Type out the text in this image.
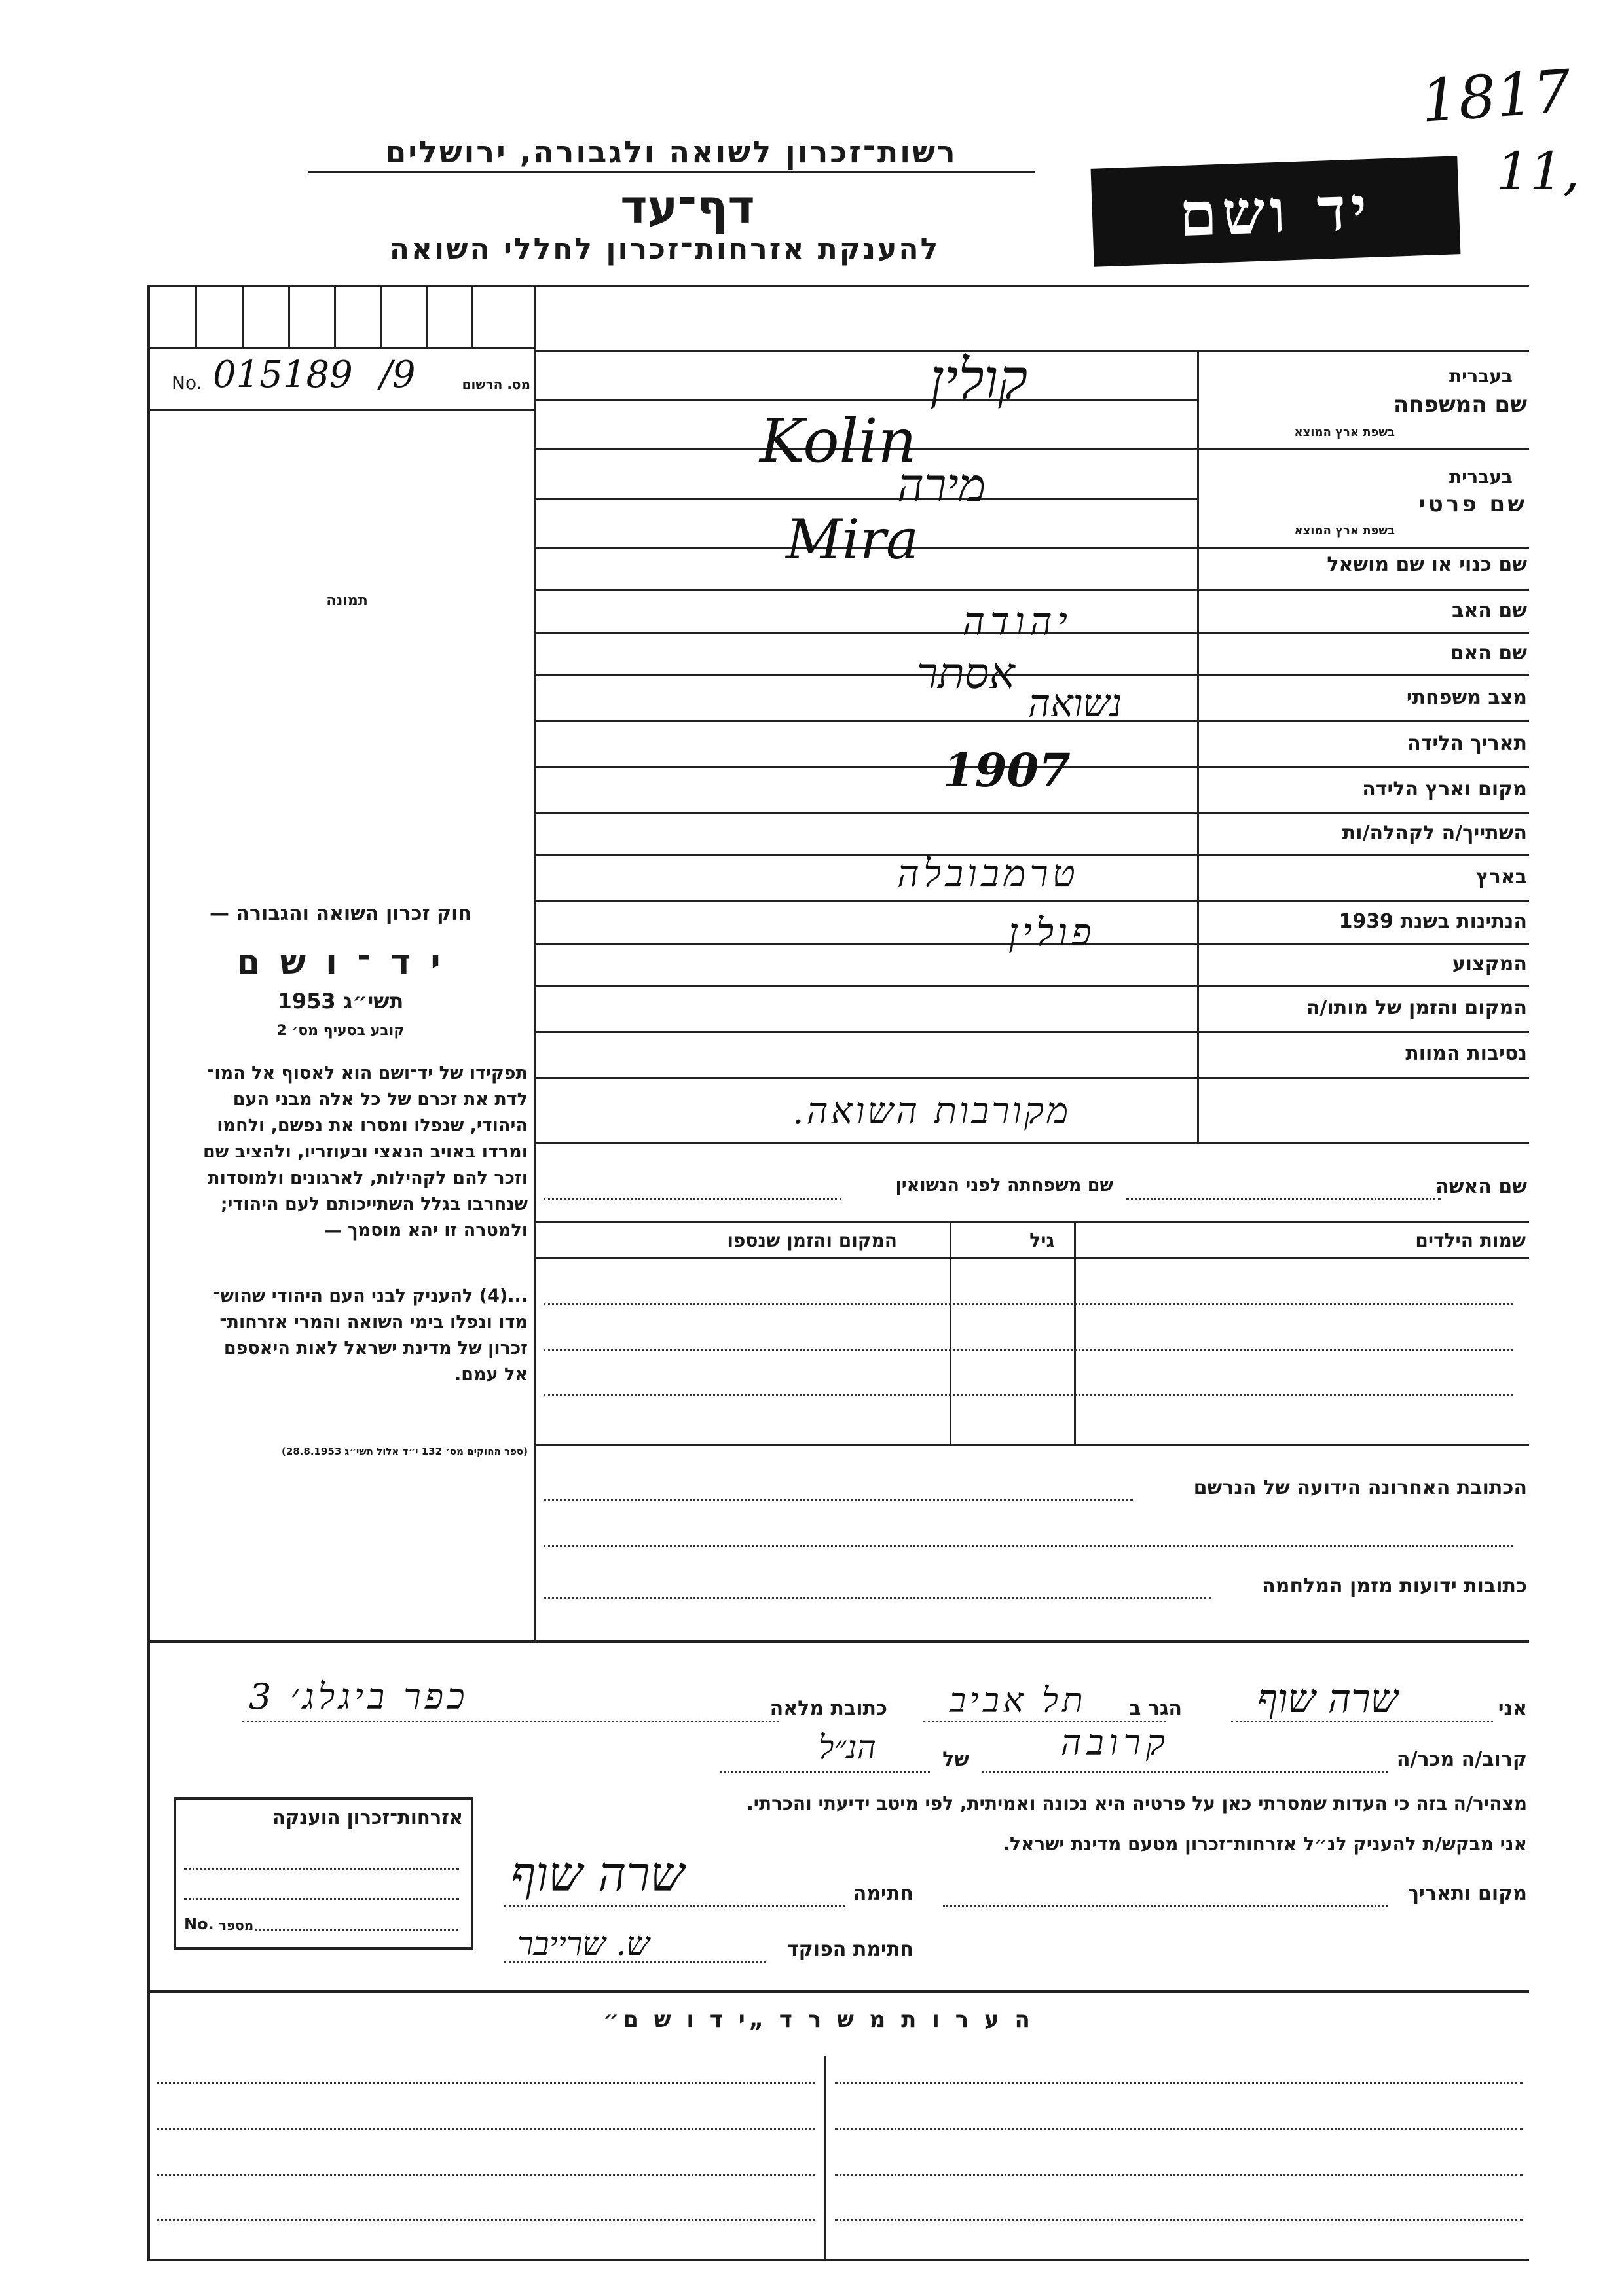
1817
11,
רשות־זכרון לשואה ולגבורה, ירושלים
דף־עד
להענקת אזרחות־זכרון לחללי השואה	יד ושם
No. 015189 /9	מס. הרשום
תמונה
חוק זכרון השואה והגבורה —
י ד ־ ו ש ם
תשי״ג 1953
קובע בסעיף מס׳ 2
תפקידו של יד־ושם הוא לאסוף אל המו־
לדת את זכרם של כל אלה מבני העם
היהודי, שנפלו ומסרו את נפשם, ולחמו
ומרדו באויב הנאצי ובעוזריו, ולהציב שם
וזכר להם לקהילות, לארגונים ולמוסדות
שנחרבו בגלל השתייכותם לעם היהודי;
ולמטרה זו יהא מוסמך —
...(4) להעניק לבני העם היהודי שהוש־
מדו ונפלו בימי השואה והמרי אזרחות־
זכרון של מדינת ישראל לאות היאספם
אל עמם.
(ספר החוקים מס׳ 132 י״ד אלול תשי״ג 28.8.1953)
בעברית
שם המשפחה
בשפת ארץ המוצא
בעברית
שם פרטי
בשפת ארץ המוצא
שם כנוי או שם מושאל
שם האב
שם האם
מצב משפחתי
תאריך הלידה
מקום וארץ הלידה
השתייך/ה לקהלה/ות
בארץ
הנתינות בשנת 1939
המקצוע
המקום והזמן של מותו/ה
נסיבות המוות
קולין
Kolin
מירה
Mira
יהודה
אסתר
נשואה
1907
טרמבובלה
פולין
מקורבות השואה.
שם האשה
שם משפחתה לפני הנשואין
שמות הילדים
גיל
המקום והזמן שנספו
הכתובת האחרונה הידועה של הנרשם
כתובות ידועות מזמן המלחמה
אני
שרה שוף
הגר ב
תל אביב
כתובת מלאה
כפר ביגלג׳ 3
קרוב/ה מכר/ה
קרובה
של
הנ״ל
מצהיר/ה בזה כי העדות שמסרתי כאן על פרטיה היא נכונה ואמיתית, לפי מיטב ידיעתי והכרתי.
אני מבקש/ת להעניק לנ״ל אזרחות־זכרון מטעם מדינת ישראל.
מקום ותאריך
חתימה
שרה שוף
חתימת הפוקד
ש. שרייבר
אזרחות־זכרון הוענקה
No. מספר
ה ע ר ו ת מ ש ר ד „י ד ו ש ם״
